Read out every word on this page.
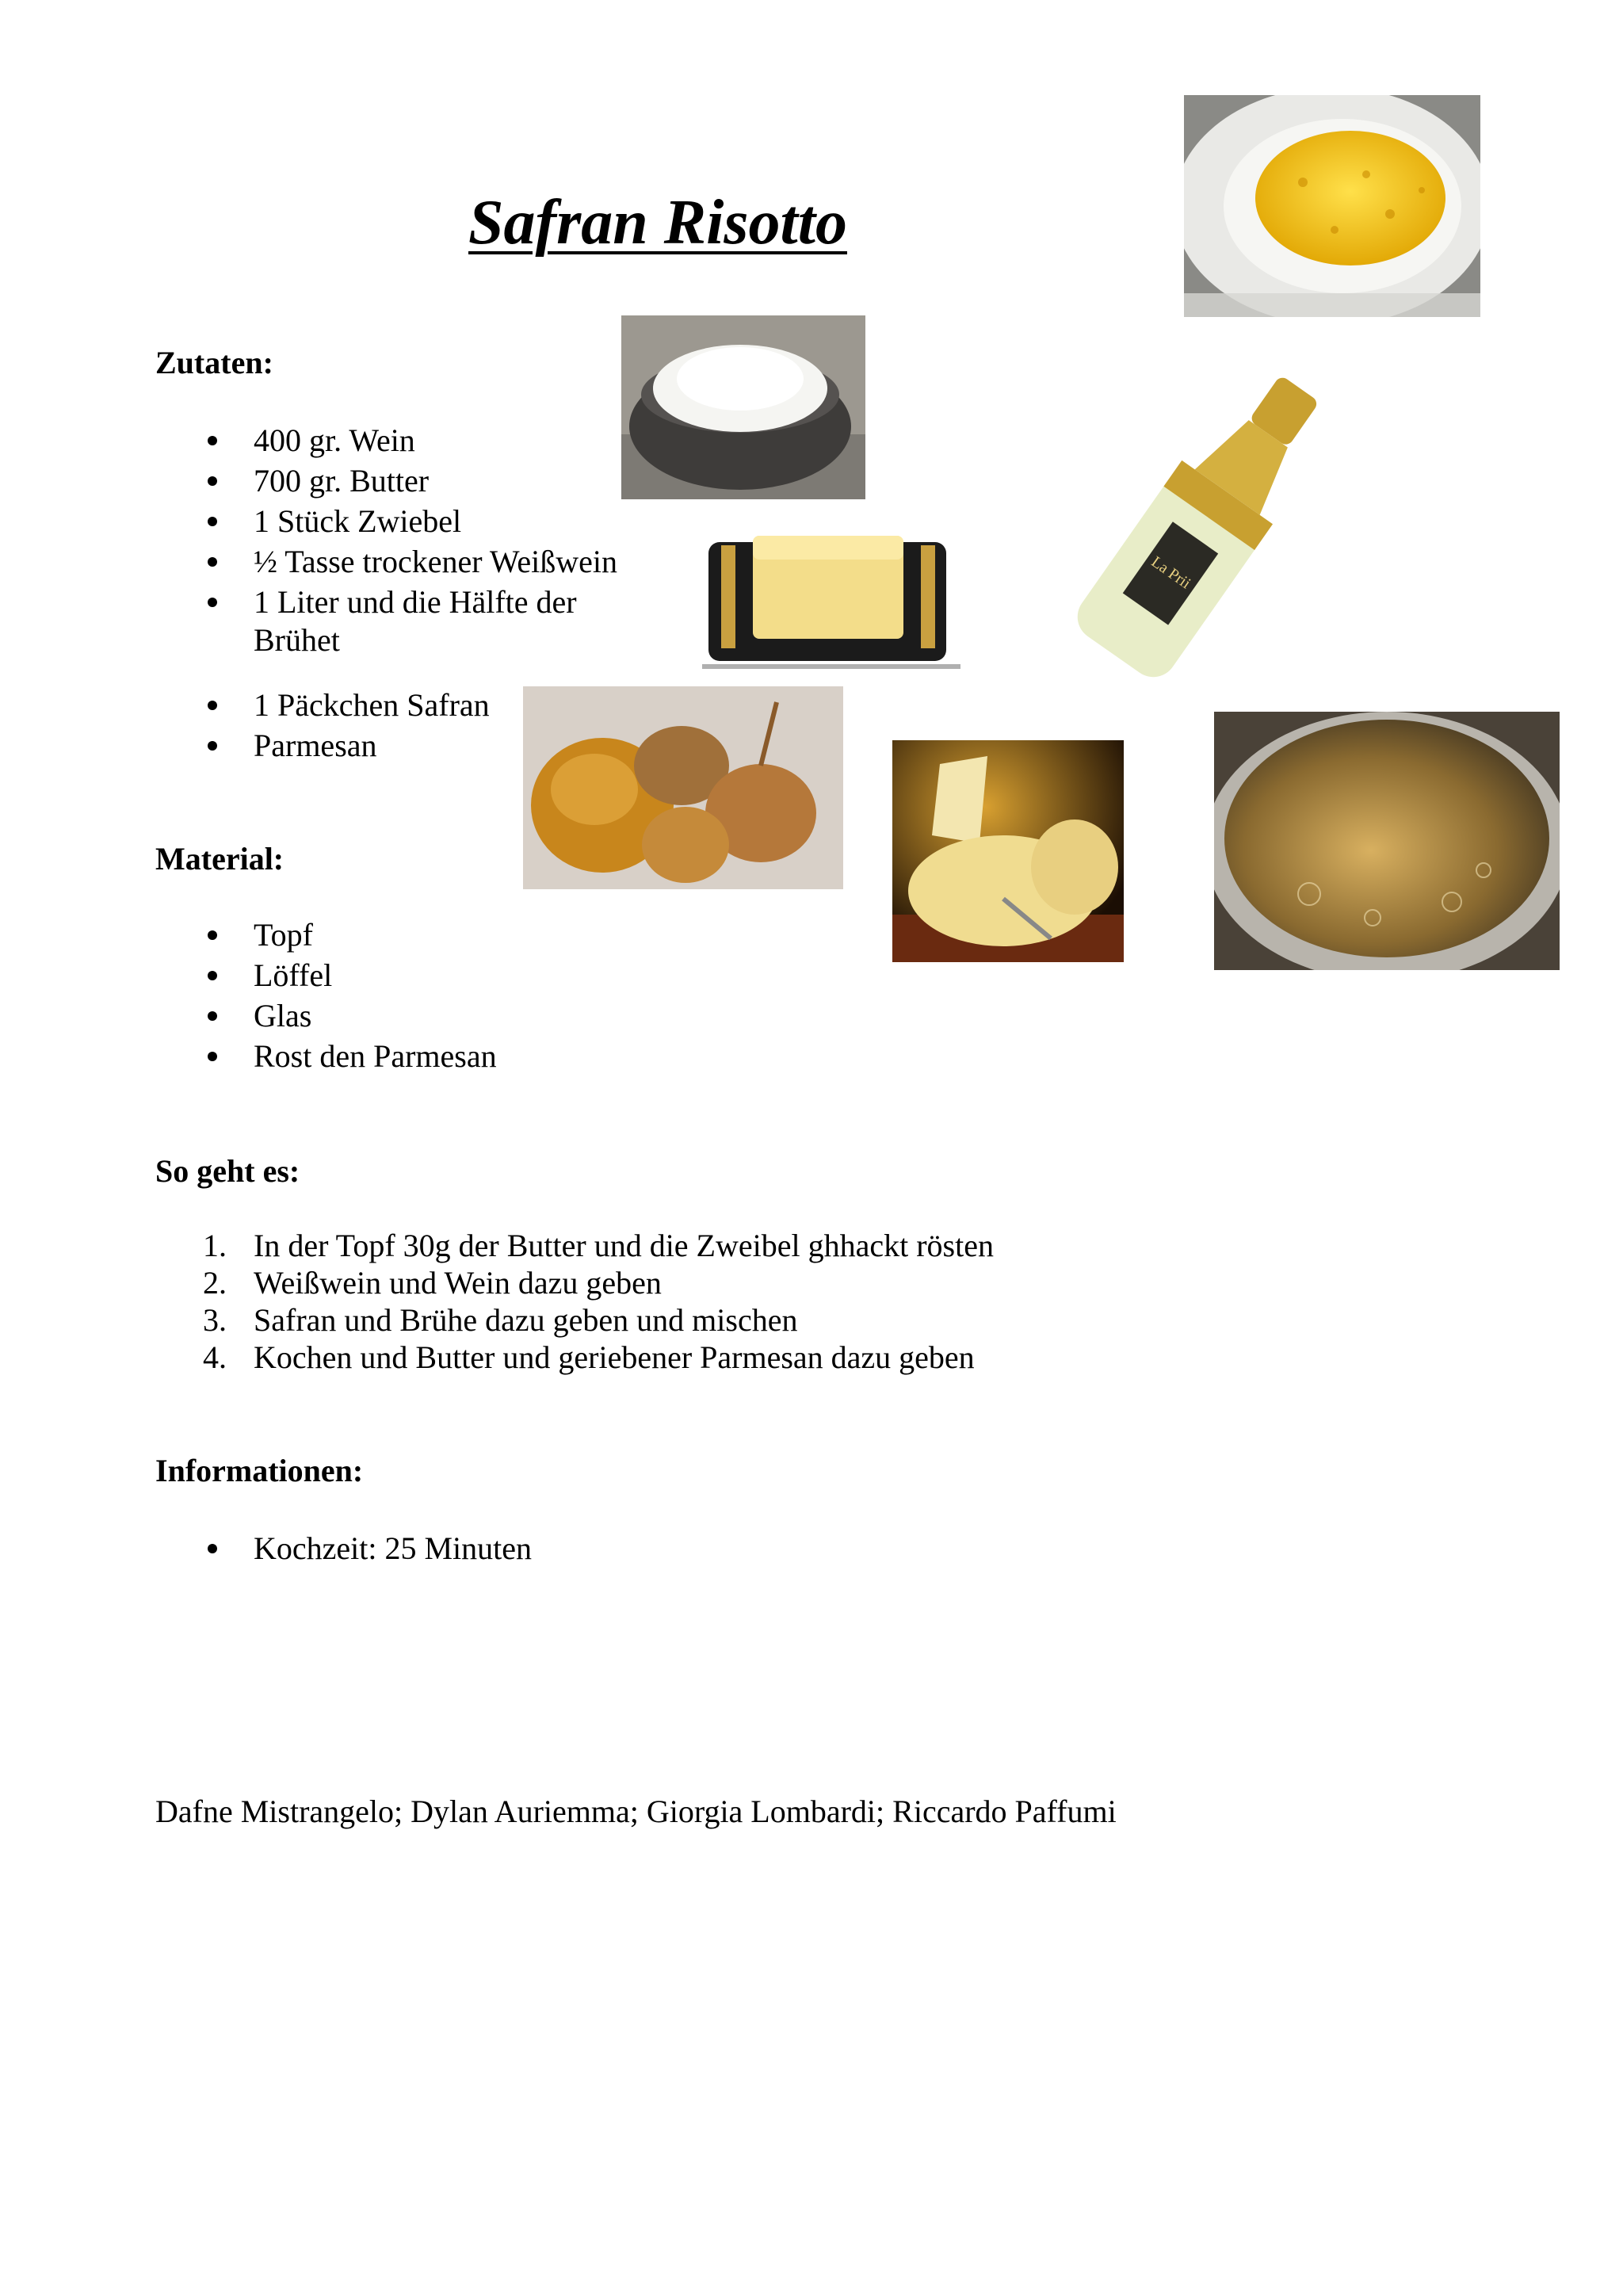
Safran Risotto

Zutaten:

400 gr. Wein
700 gr. Butter
1 Stück Zwiebel
½ Tasse trockener Weißwein
1 Liter und die Hälfte der

Brühet

1 Päckchen Safran
Parmesan

Material:

Topf
Löffel
Glas
Rost den Parmesan

So geht es:

1. In der Topf 30g der Butter und die Zweibel ghhackt rösten
2. Weißwein und Wein dazu geben
3. Safran und Brühe dazu geben und mischen
4. Kochen und Butter und geriebener Parmesan dazu geben

Informationen:

Kochzeit: 25 Minuten

Dafne Mistrangelo; Dylan Auriemma; Giorgia Lombardi; Riccardo Paffumi

La Prii
